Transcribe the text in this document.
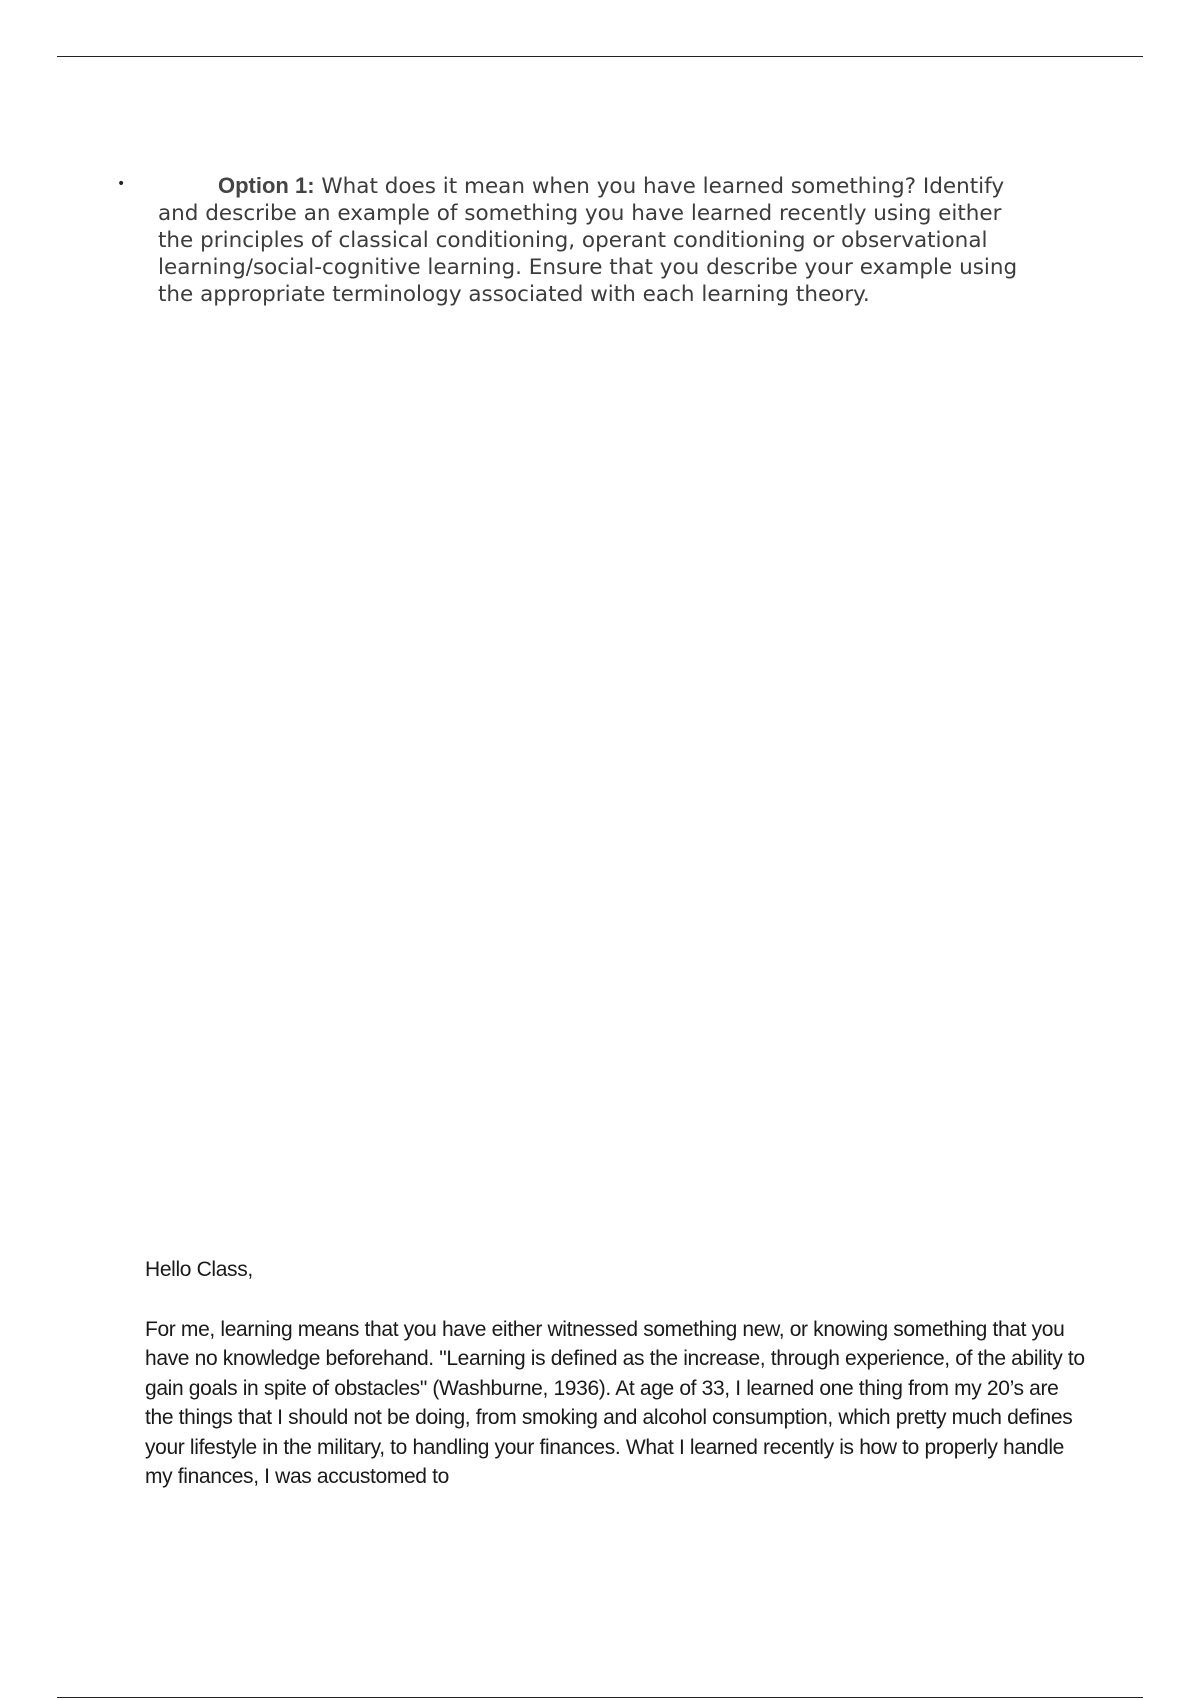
•	Option 1: What does it mean when you have learned something? Identify and describe an example of something you have learned recently using either the principles of classical conditioning, operant conditioning or observational learning/social-cognitive learning. Ensure that you describe your example using the appropriate terminology associated with each learning theory.

Hello Class,

For me, learning means that you have either witnessed something new, or knowing something that you have no knowledge beforehand. "Learning is defined as the increase, through experience, of the ability to gain goals in spite of obstacles" (Washburne, 1936). At age of 33, I learned one thing from my 20’s are the things that I should not be doing, from smoking and alcohol consumption, which pretty much defines your lifestyle in the military, to handling your finances. What I learned recently is how to properly handle my finances, I was accustomed to
